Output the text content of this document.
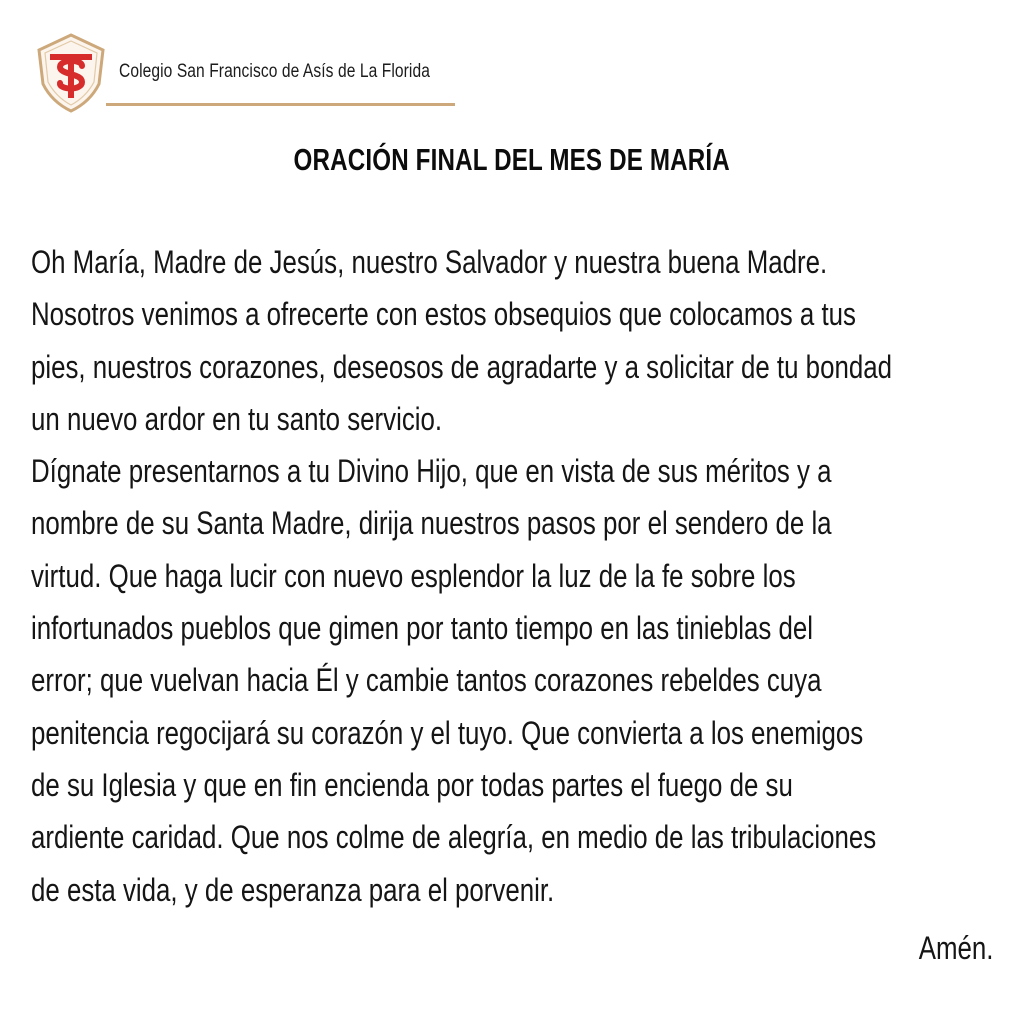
Colegio San Francisco de Asís de La Florida
ORACIÓN FINAL DEL MES DE MARÍA
Oh María, Madre de Jesús, nuestro Salvador y nuestra buena Madre.
Nosotros venimos a ofrecerte con estos obsequios que colocamos a tus
pies, nuestros corazones, deseosos de agradarte y a solicitar de tu bondad
un nuevo ardor en tu santo servicio.
Dígnate presentarnos a tu Divino Hijo, que en vista de sus méritos y a
nombre de su Santa Madre, dirija nuestros pasos por el sendero de la
virtud. Que haga lucir con nuevo esplendor la luz de la fe sobre los
infortunados pueblos que gimen por tanto tiempo en las tinieblas del
error; que vuelvan hacia Él y cambie tantos corazones rebeldes cuya
penitencia regocijará su corazón y el tuyo. Que convierta a los enemigos
de su Iglesia y que en fin encienda por todas partes el fuego de su
ardiente caridad. Que nos colme de alegría, en medio de las tribulaciones
de esta vida, y de esperanza para el porvenir.
Amén.
